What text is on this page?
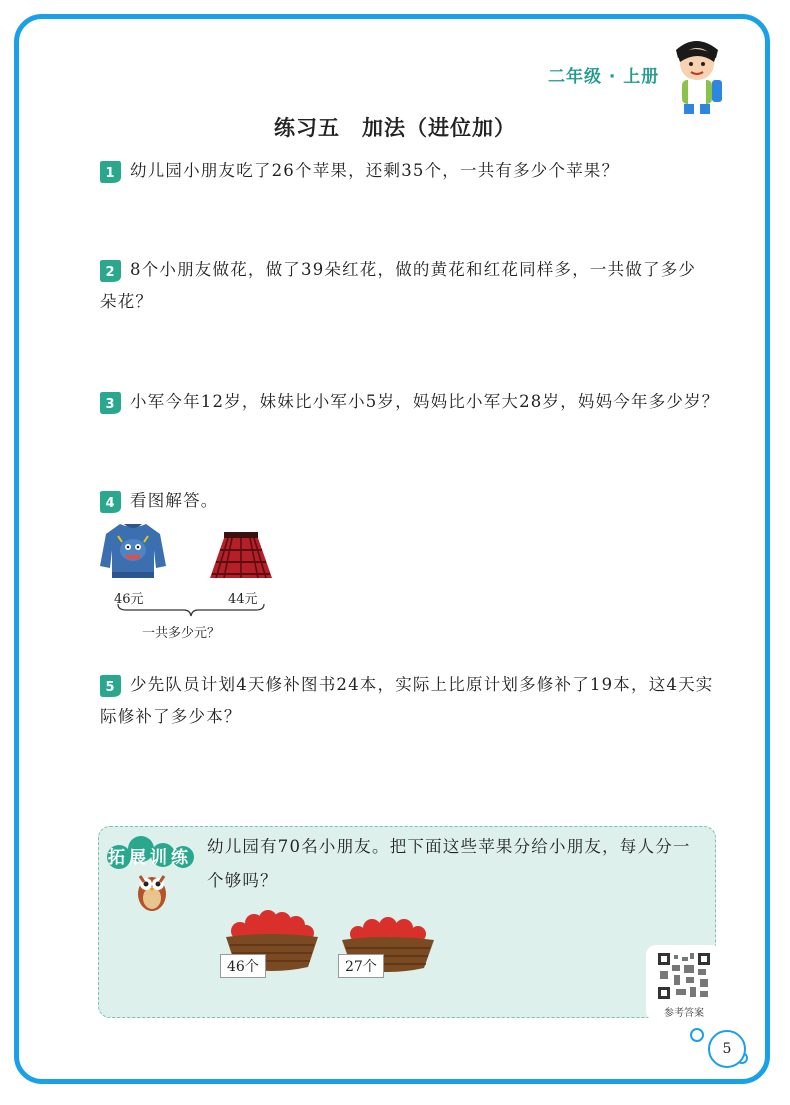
二年级 · 上册
练习五　加法（进位加）
1 幼儿园小朋友吃了26个苹果，还剩35个，一共有多少个苹果？
2 8个小朋友做花，做了39朵红花，做的黄花和红花同样多，一共做了多少
朵花？
3 小军今年12岁，妹妹比小军小5岁，妈妈比小军大28岁，妈妈今年多少岁？
4 看图解答。
46元	44元
一共多少元？
5 少先队员计划4天修补图书24本，实际上比原计划多修补了19本，这4天实
际修补了多少本？
拓展训练
幼儿园有70名小朋友。把下面这些苹果分给小朋友，每人分一
个够吗？
46个	27个
参考答案
5
